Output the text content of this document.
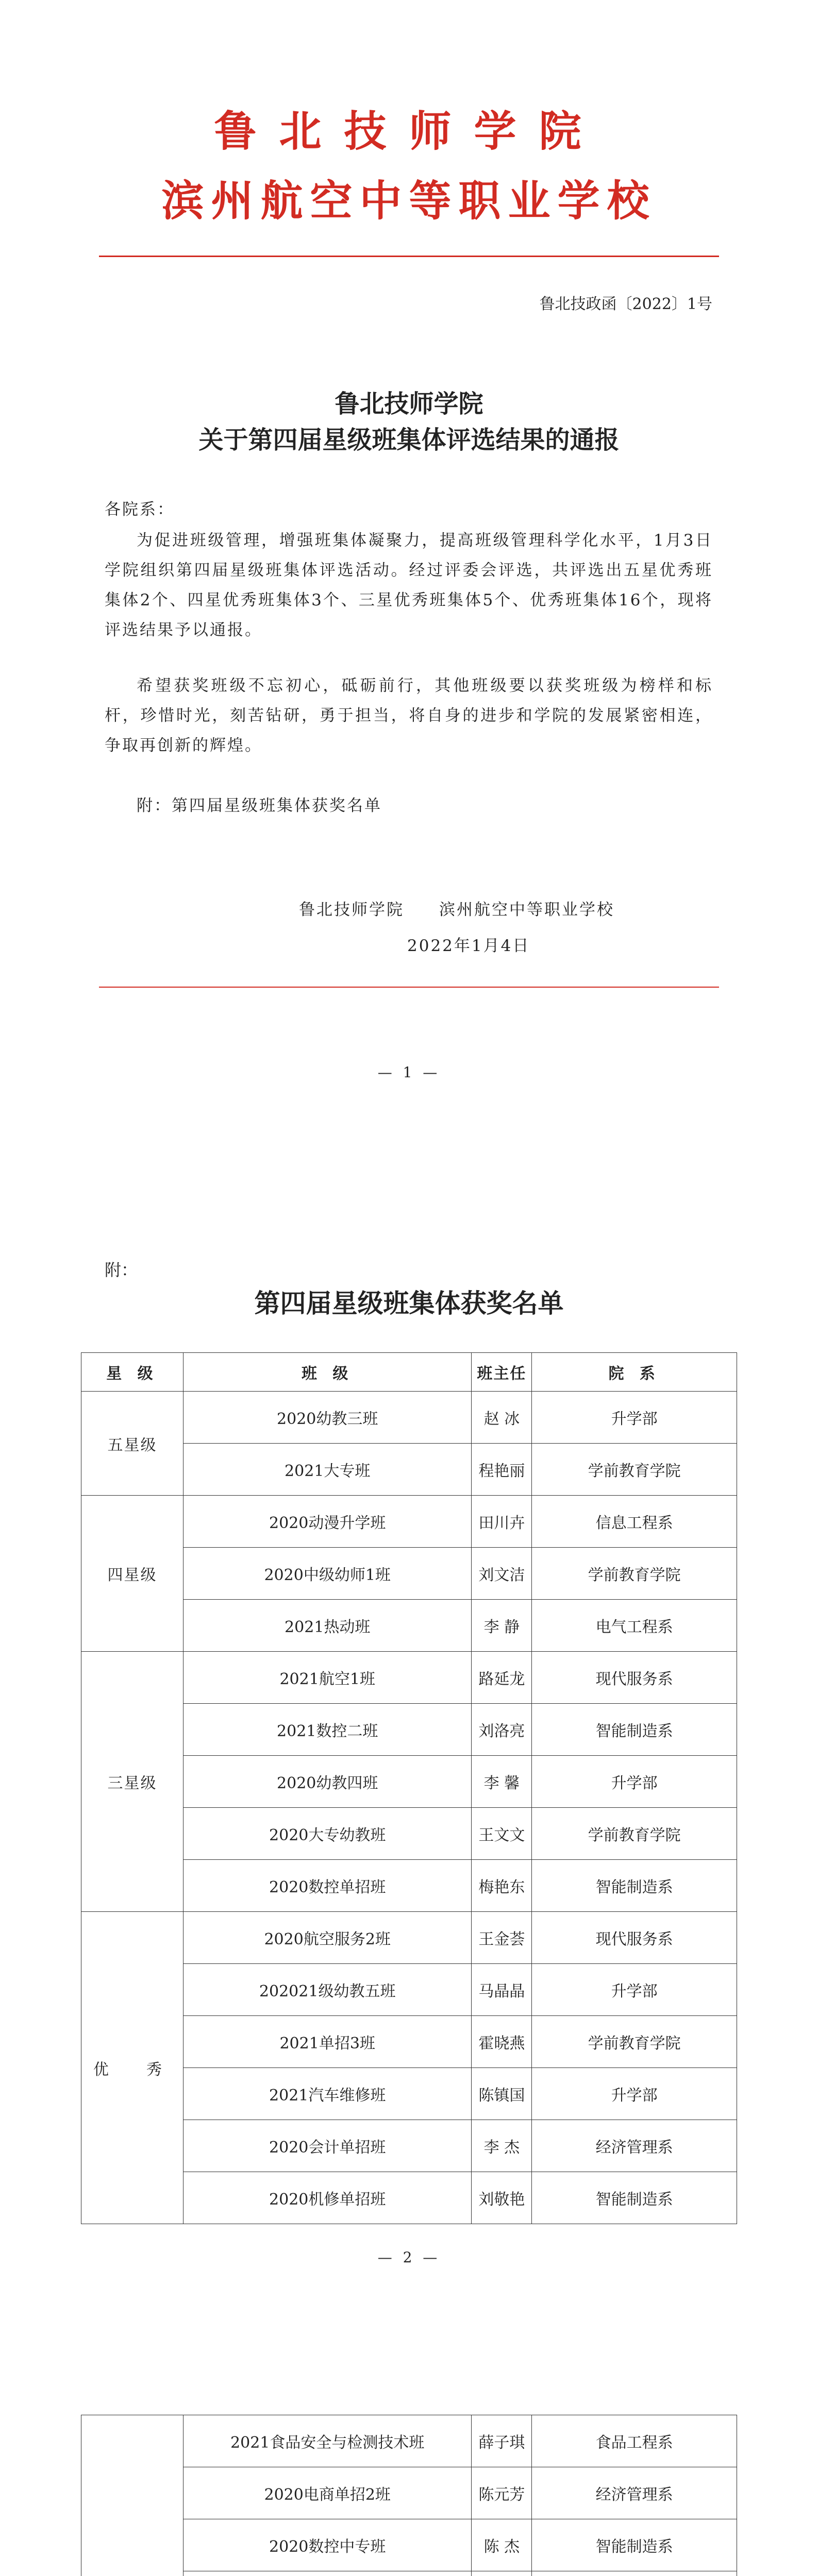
鲁北技师学院
滨州航空中等职业学校
鲁北技政函〔2022〕1号
鲁北技师学院
关于第四届星级班集体评选结果的通报
各院系：
为促进班级管理，增强班集体凝聚力，提高班级管理科学化水平，1月3日学院组织第四届星级班集体评选活动。经过评委会评选，共评选出五星优秀班集体2个、四星优秀班集体3个、三星优秀班集体5个、优秀班集体16个，现将评选结果予以通报。
希望获奖班级不忘初心，砥砺前行，其他班级要以获奖班级为榜样和标杆，珍惜时光，刻苦钻研，勇于担当，将自身的进步和学院的发展紧密相连，争取再创新的辉煌。
附：第四届星级班集体获奖名单
鲁北技师学院　　滨州航空中等职业学校
2022年1月4日
— 1 —
附：
第四届星级班集体获奖名单
星 级	班 级	班主任	院 系
五星级	2020幼教三班	赵 冰	升学部
	2021大专班	程艳丽	学前教育学院
四星级	2020动漫升学班	田川卉	信息工程系
	2020中级幼师1班	刘文洁	学前教育学院
	2021热动班	李 静	电气工程系
三星级	2021航空1班	路延龙	现代服务系
	2021数控二班	刘洛亮	智能制造系
	2020幼教四班	李 馨	升学部
	2020大专幼教班	王文文	学前教育学院
	2020数控单招班	梅艳东	智能制造系
优  秀	2020航空服务2班	王金荟	现代服务系
	202021级幼教五班	马晶晶	升学部
	2021单招3班	霍晓燕	学前教育学院
	2021汽车维修班	陈镇国	升学部
	2020会计单招班	李 杰	经济管理系
	2020机修单招班	刘敬艳	智能制造系
— 2 —
	2021食品安全与检测技术班	薛子琪	食品工程系
	2020电商单招2班	陈元芳	经济管理系
	2020数控中专班	陈 杰	智能制造系
